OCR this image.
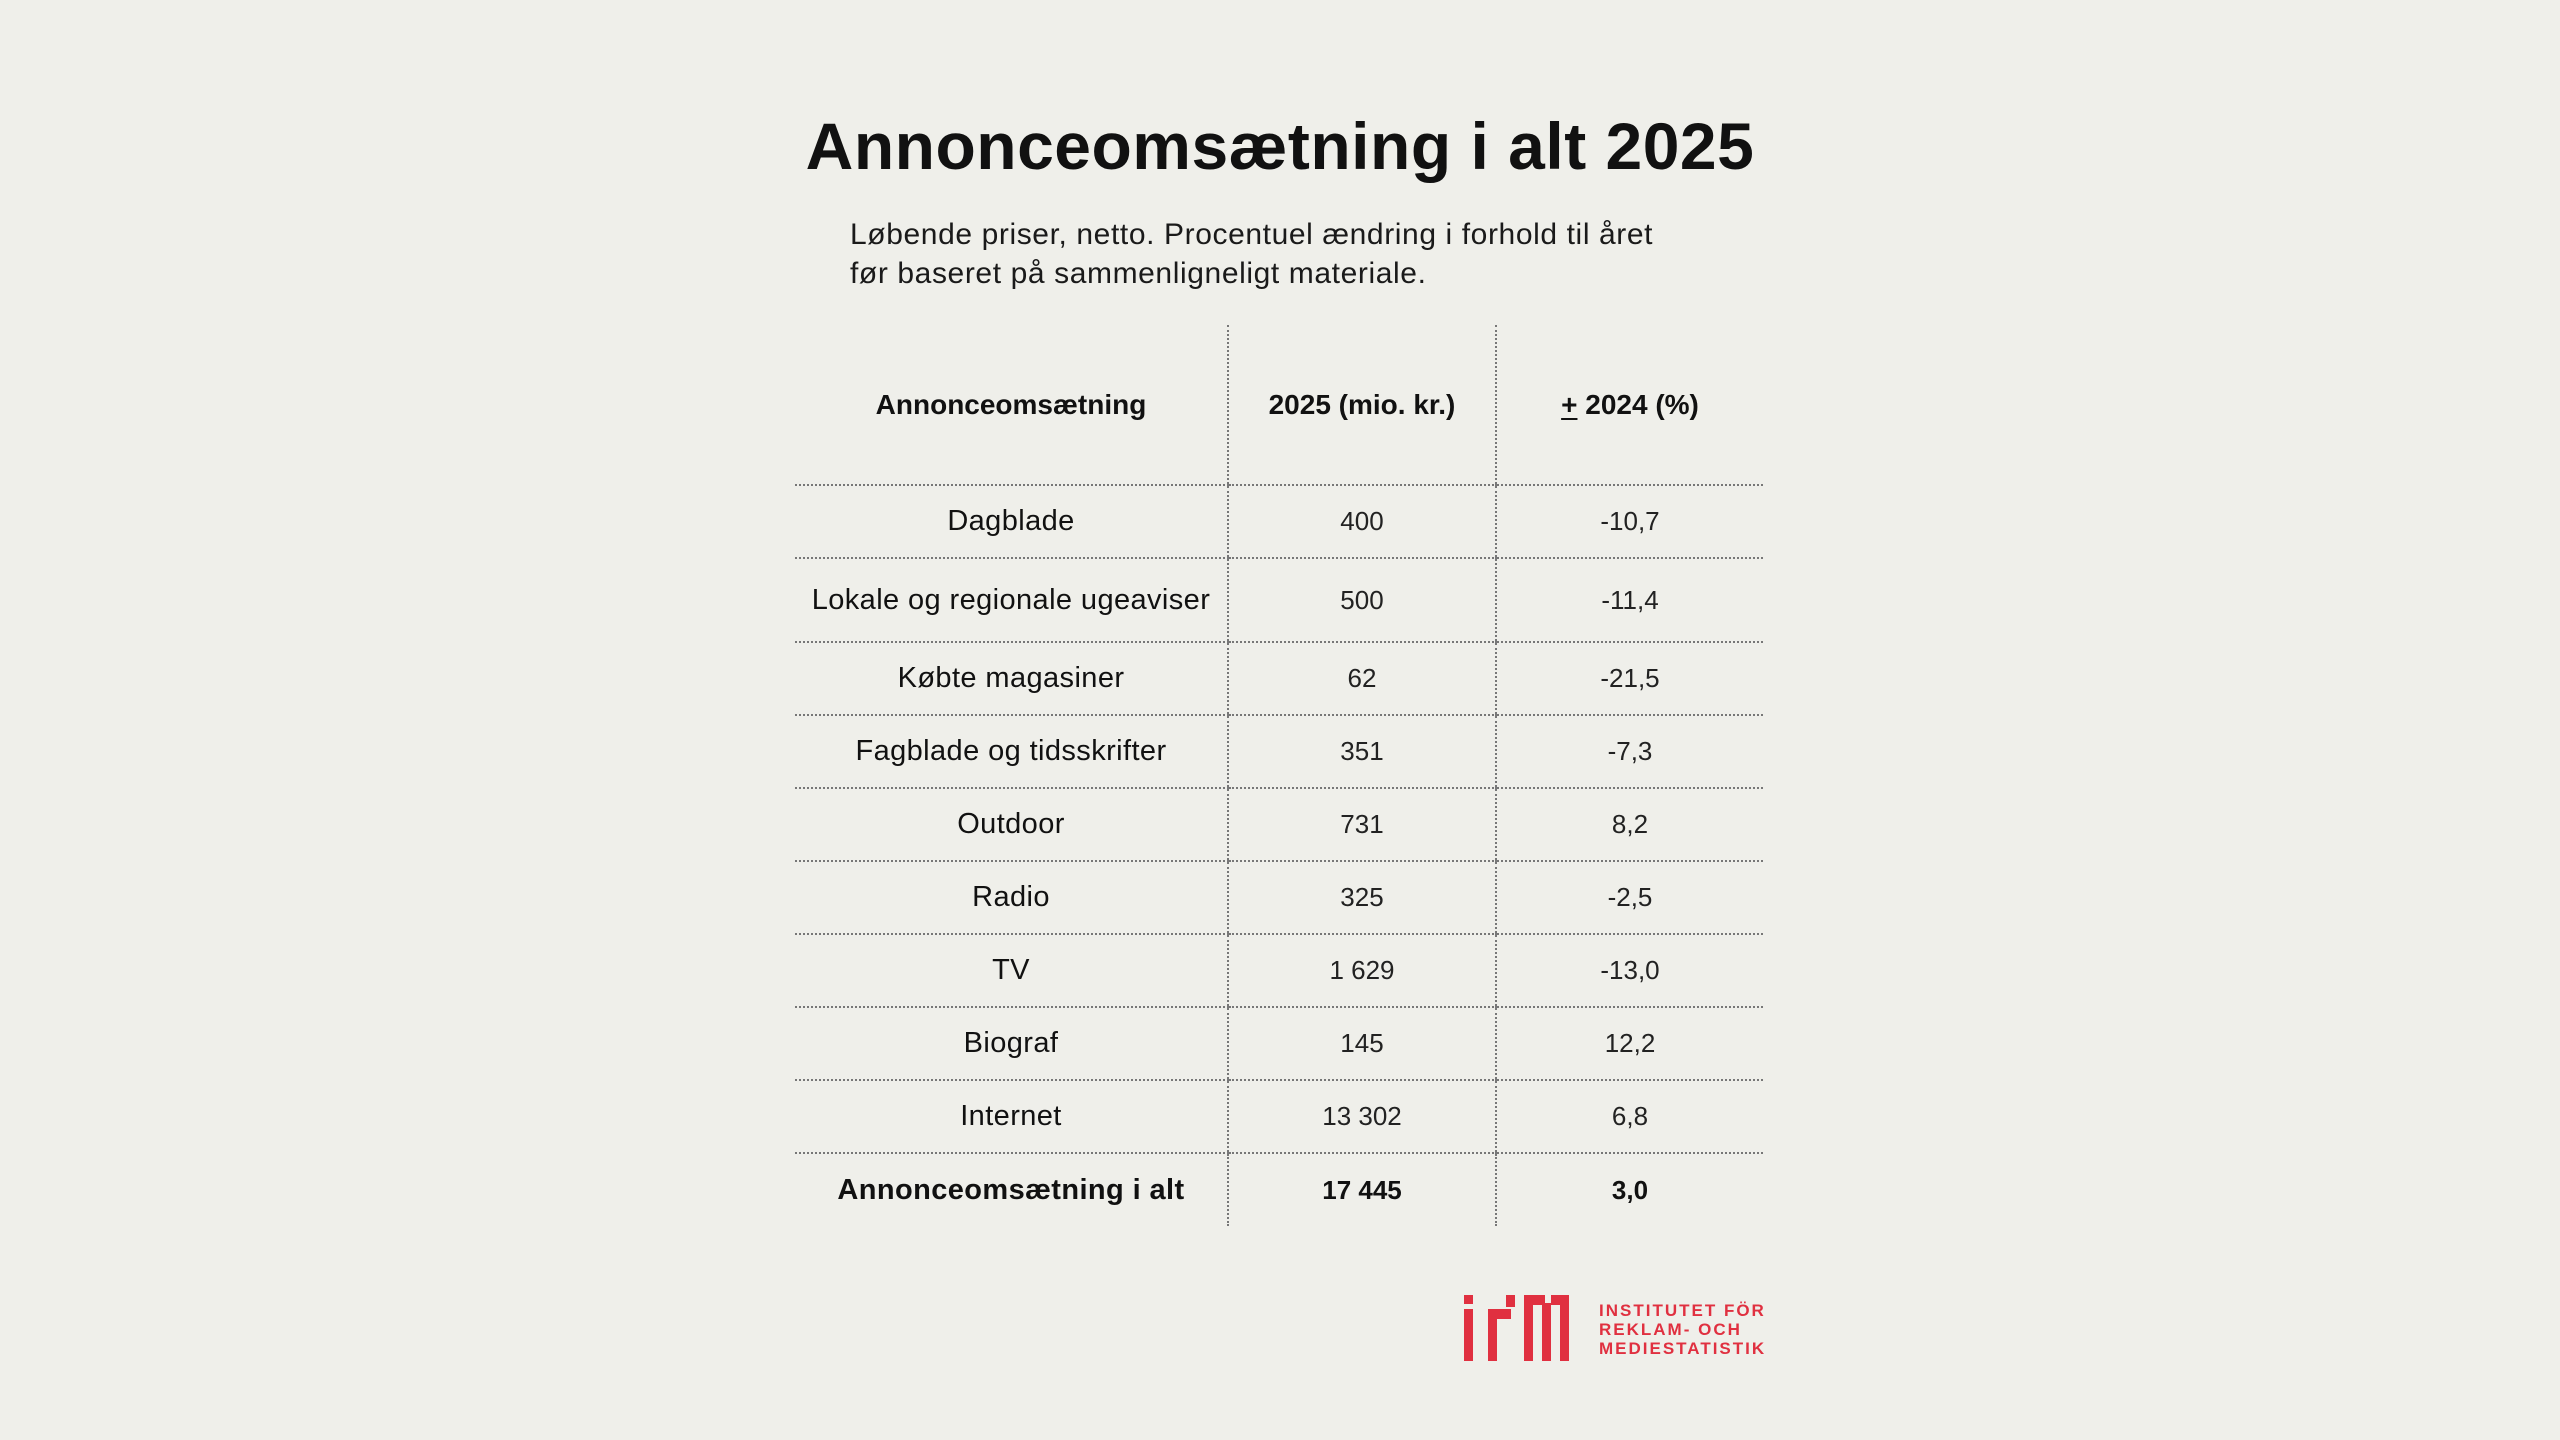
Annonceomsætning i alt 2025
Løbende priser, netto. Procentuel ændring i forhold til året
før baseret på sammenligneligt materiale.
Annonceomsætning	2025 (mio. kr.)	+ 2024 (%)
Dagblade	400	-10,7
Lokale og regionale ugeaviser	500	-11,4
Købte magasiner	62	-21,5
Fagblade og tidsskrifter	351	-7,3
Outdoor	731	8,2
Radio	325	-2,5
TV	1 629	-13,0
Biograf	145	12,2
Internet	13 302	6,8
Annonceomsætning i alt	17 445	3,0
INSTITUTET FÖR
REKLAM- OCH
MEDIESTATISTIK
